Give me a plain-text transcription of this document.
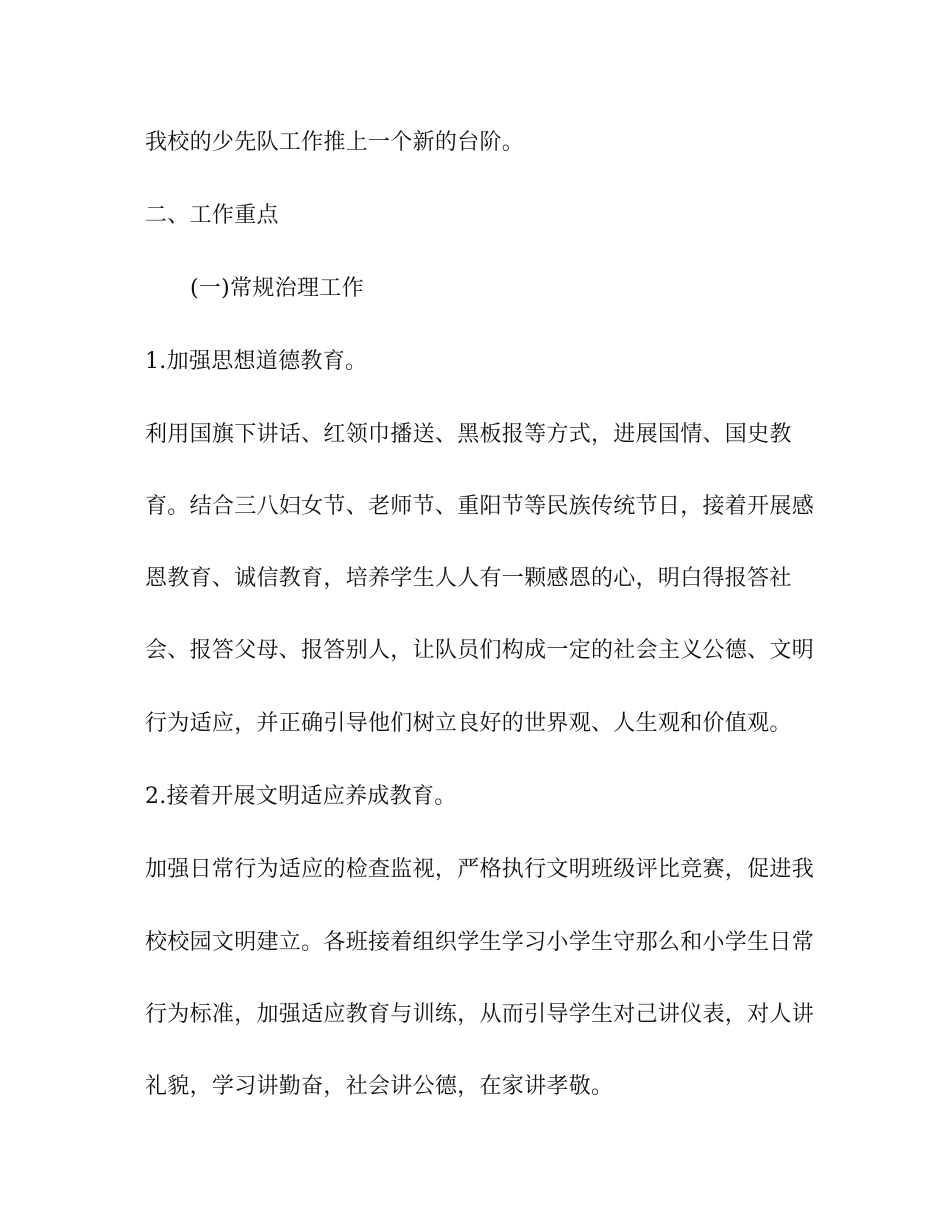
我校的少先队工作推上一个新的台阶。
二、工作重点
(一)常规治理工作
1.加强思想道德教育。
利用国旗下讲话、红领巾播送、黑板报等方式，进展国情、国史教
育。结合三八妇女节、老师节、重阳节等民族传统节日，接着开展感
恩教育、诚信教育，培养学生人人有一颗感恩的心，明白得报答社
会、报答父母、报答别人，让队员们构成一定的社会主义公德、文明
行为适应，并正确引导他们树立良好的世界观、人生观和价值观。
2.接着开展文明适应养成教育。
加强日常行为适应的检查监视，严格执行文明班级评比竞赛，促进我
校校园文明建立。各班接着组织学生学习小学生守那么和小学生日常
行为标准，加强适应教育与训练，从而引导学生对己讲仪表，对人讲
礼貌，学习讲勤奋，社会讲公德，在家讲孝敬。
